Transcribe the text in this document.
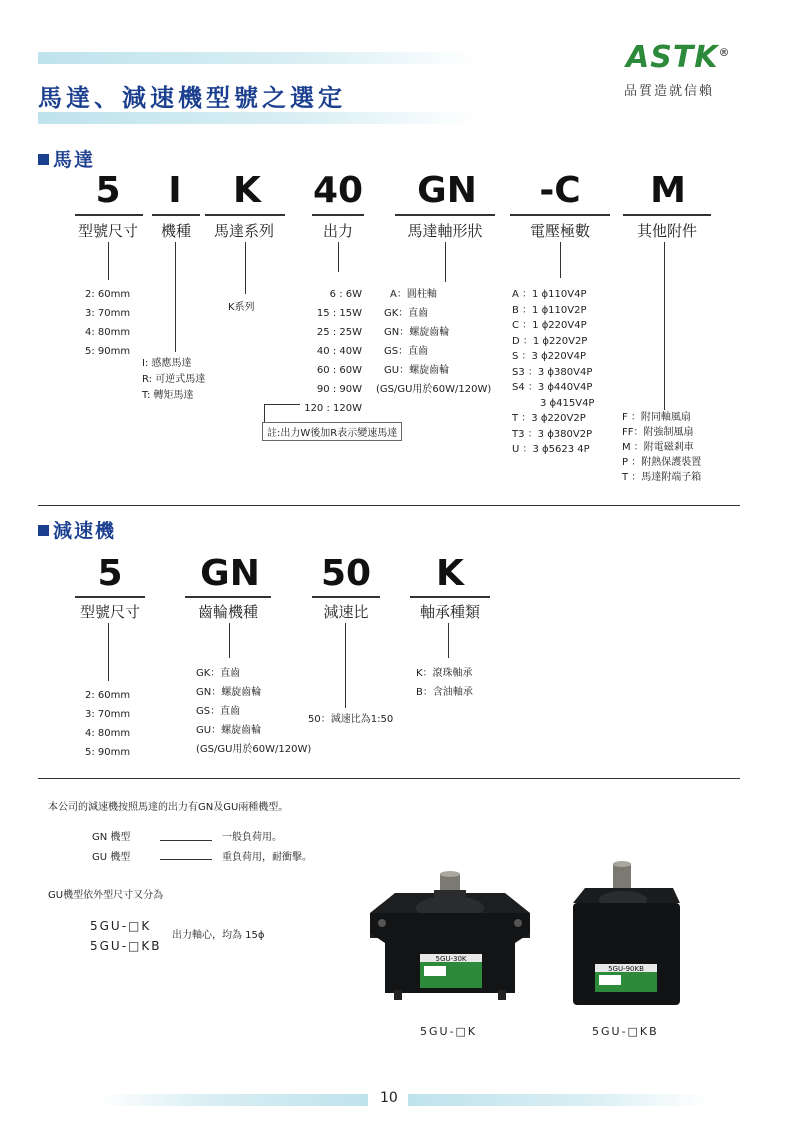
馬達、減速機型號之選定
ASTK®
品質造就信賴
馬達
5	I	K	40	GN	-C	M
型號尺寸	機種	馬達系列	出力	馬達軸形狀	電壓極數	其他附件
2: 60mm
3: 70mm
4: 80mm
5: 90mm
I: 感應馬達
R: 可逆式馬達
T: 轉矩馬達
K系列
6 : 6W
15 : 15W
25 : 25W
40 : 40W
60 : 60W
90 : 90W
120 : 120W
註:出力W後加R表示變速馬達
A：圓柱軸
GK：直齒
GN：螺旋齒輪
GS：直齒
GU：螺旋齒輪
(GS/GU用於60W/120W)
A ：1 ϕ110V4P
B ：1 ϕ110V2P
C ：1 ϕ220V4P
D ：1 ϕ220V2P
S ：3 ϕ220V4P
S3 ：3 ϕ380V4P
S4 ：3 ϕ440V4P
3 ϕ415V4P
T ：3 ϕ220V2P
T3 ：3 ϕ380V2P
U ：3 ϕ5623 4P
F ：附同軸風扇
FF：附強制風扇
M ：附電磁剎車
P ：附熱保護裝置
T ：馬達附端子箱
減速機
5	GN	50	K
型號尺寸	齒輪機種	減速比	軸承種類
2: 60mm
3: 70mm
4: 80mm
5: 90mm
GK：直齒
GN：螺旋齒輪
GS：直齒
GU：螺旋齒輪
(GS/GU用於60W/120W)
50：減速比為1:50
K：滾珠軸承
B：含油軸承
本公司的減速機按照馬達的出力有GN及GU兩種機型。
GN 機型	一般負荷用。
GU 機型	重負荷用，耐衝擊。
GU機型依外型尺寸又分為
5GU-□K
5GU-□KB
出力軸心，均為 15ϕ
5GU-30K
5GU-90KB
5GU-□K	5GU-□KB
10
